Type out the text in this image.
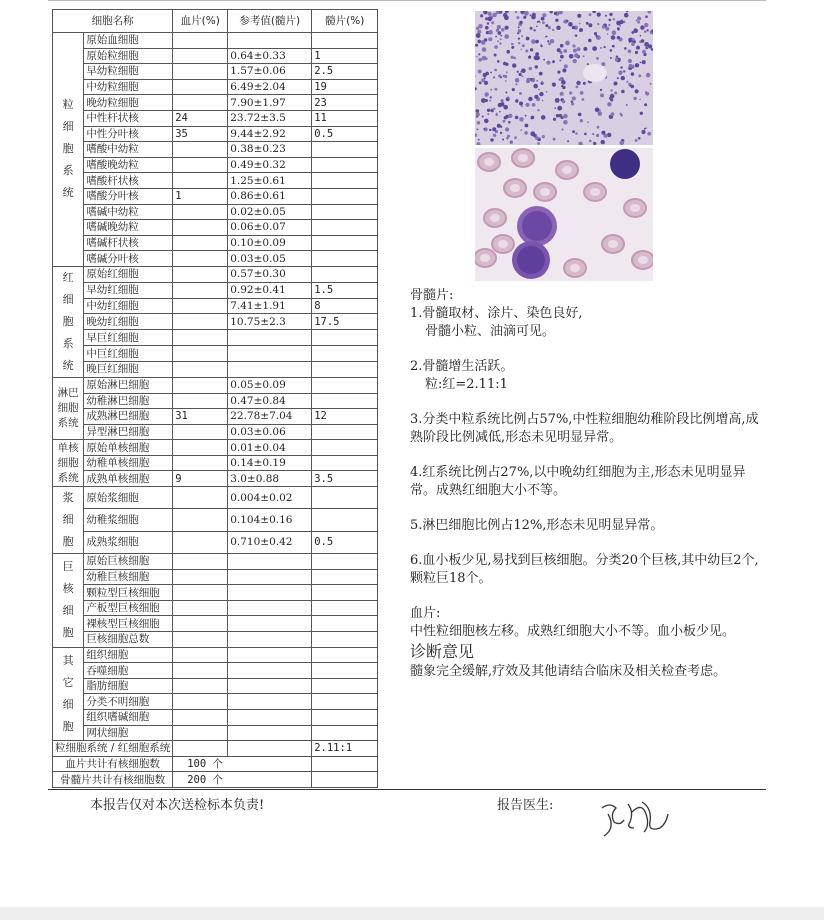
细胞名称		血片(%)	参考值(髓片)	髓片(%)
粒
细
胞
系
统	原始血细胞			
	原始粒细胞		0.64±0.33	1
	早幼粒细胞		1.57±0.06	2.5
	中幼粒细胞		6.49±2.04	19
	晚幼粒细胞		7.90±1.97	23
	中性杆状核	24	23.72±3.5	11
	中性分叶核	35	9.44±2.92	0.5
	嗜酸中幼粒		0.38±0.23	
	嗜酸晚幼粒		0.49±0.32	
	嗜酸杆状核		1.25±0.61	
	嗜酸分叶核	1	0.86±0.61	
	嗜碱中幼粒		0.02±0.05	
	嗜碱晚幼粒		0.06±0.07	
	嗜碱杆状核		0.10±0.09	
	嗜碱分叶核		0.03±0.05	
红
细
胞
系
统	原始红细胞		0.57±0.30	
	早幼红细胞		0.92±0.41	1.5
	中幼红细胞		7.41±1.91	8
	晚幼红细胞		10.75±2.3	17.5
	早巨红细胞			
	中巨红细胞			
	晚巨红细胞			
淋巴
细胞
系统	原始淋巴细胞		0.05±0.09	
	幼稚淋巴细胞		0.47±0.84	
	成熟淋巴细胞	31	22.78±7.04	12
	异型淋巴细胞		0.03±0.06	
单核
细胞
系统	原始单核细胞		0.01±0.04	
	幼稚单核细胞		0.14±0.19	
	成熟单核细胞	9	3.0±0.88	3.5
浆
细
胞	原始浆细胞		0.004±0.02	
	幼稚浆细胞		0.104±0.16	
	成熟浆细胞		0.710±0.42	0.5
巨
核
细
胞	原始巨核细胞			
	幼稚巨核细胞			
	颗粒型巨核细胞			
	产板型巨核细胞			
	裸核型巨核细胞			
	巨核细胞总数			
其
它
细
胞	组织细胞			
	吞噬细胞			
	脂肪细胞			
	分类不明细胞			
	组织嗜碱细胞			
	网状细胞			
粒细胞系统 / 红细胞系统				2.11:1
血片共计有核细胞数		100 个		
骨髓片共计有核细胞数		200 个		

骨髓片:

1.骨髓取材、涂片、染色良好,

骨髓小粒、油滴可见。

2.骨髓增生活跃。

粒:红=2.11:1

3.分类中粒系统比例占57%,中性粒细胞幼稚阶段比例增高,成熟阶段比例减低,形态未见明显异常。

4.红系统比例占27%,以中晚幼红细胞为主,形态未见明显异常。成熟红细胞大小不等。

5.淋巴细胞比例占12%,形态未见明显异常。

6.血小板少见,易找到巨核细胞。分类20个巨核,其中幼巨2个,颗粒巨18个。

血片:

中性粒细胞核左移。成熟红细胞大小不等。血小板少见。

诊断意见

髓象完全缓解,疗效及其他请结合临床及相关检查考虑。

本报告仅对本次送检标本负责!	报告医生:
